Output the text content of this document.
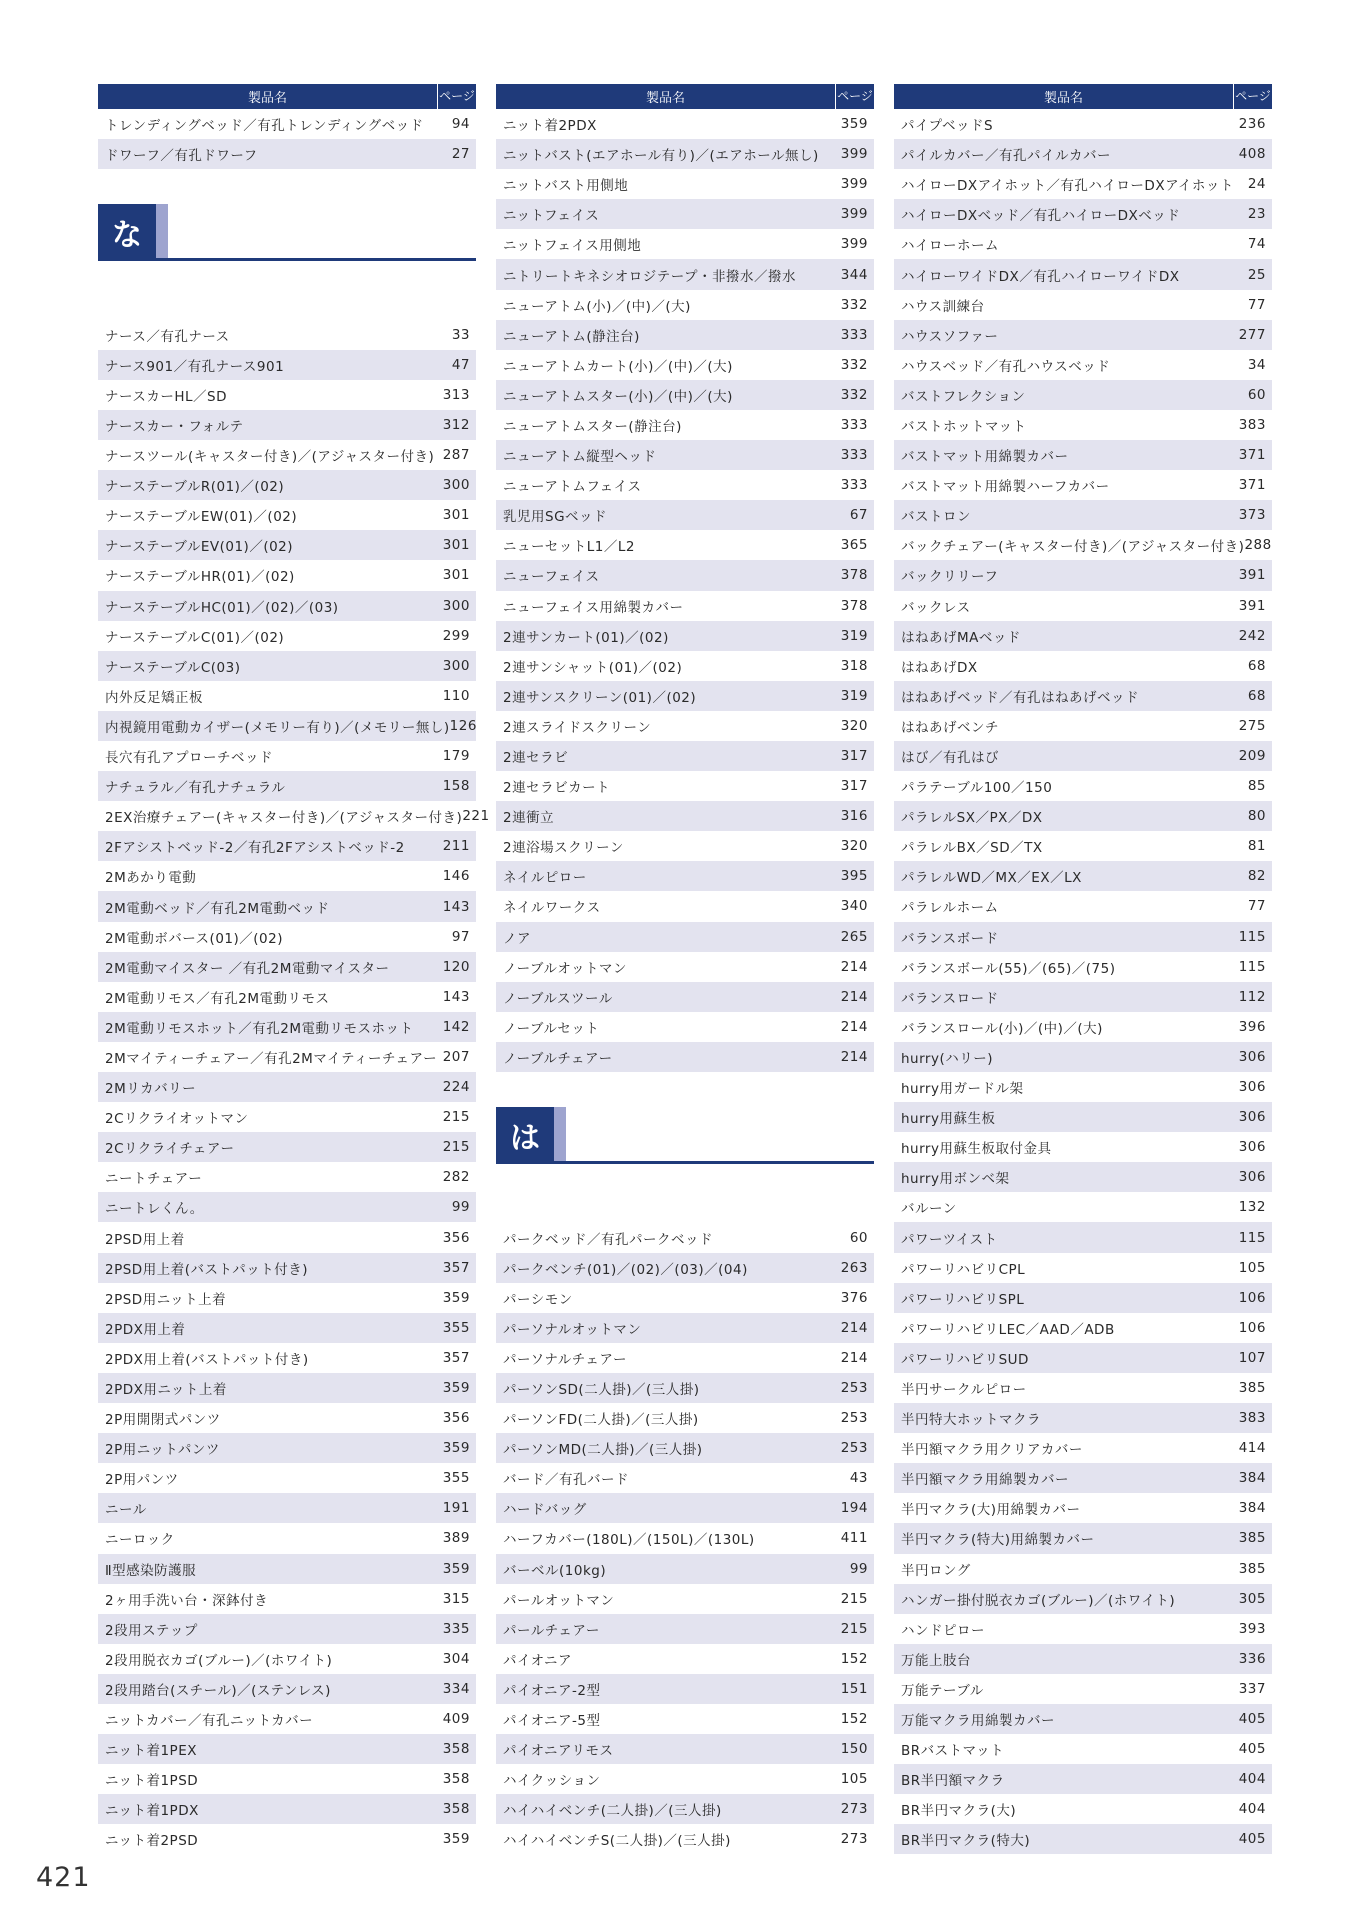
製品名	ページ
トレンディングベッド／有孔トレンディングベッド	94
ドワーフ／有孔ドワーフ	27
な
ナース／有孔ナース	33
ナース901／有孔ナース901	47
ナースカーHL／SD	313
ナースカー・フォルテ	312
ナースツール(キャスター付き)／(アジャスター付き) 287
ナーステーブルR(01)／(02)	300
ナーステーブルEW(01)／(02)	301
ナーステーブルEV(01)／(02)	301
ナーステーブルHR(01)／(02)	301
ナーステーブルHC(01)／(02)／(03)	300
ナーステーブルC(01)／(02)	299
ナーステーブルC(03)	300
内外反足矯正板	110
内視鏡用電動カイザー(メモリー有り)／(メモリー無し) 126
長穴有孔アプローチベッド	179
ナチュラル／有孔ナチュラル	158
2EX治療チェアー(キャスター付き)／(アジャスター付き) 221
2Fアシストベッド-2／有孔2Fアシストベッド-2	211
2Mあかり電動	146
2M電動ベッド／有孔2M電動ベッド	143
2M電動ボバース(01)／(02)	97
2M電動マイスター ／有孔2M電動マイスター	120
2M電動リモス／有孔2M電動リモス	143
2M電動リモスホット／有孔2M電動リモスホット	142
2Mマイティーチェアー／有孔2Mマイティーチェアー 207
2Mリカバリー	224
2Cリクライオットマン	215
2Cリクライチェアー	215
ニートチェアー	282
ニートレくん。	99
2PSD用上着	356
2PSD用上着(バストパット付き)	357
2PSD用ニット上着	359
2PDX用上着	355
2PDX用上着(バストパット付き)	357
2PDX用ニット上着	359
2P用開閉式パンツ	356
2P用ニットパンツ	359
2P用パンツ	355
ニール	191
ニーロック	389
Ⅱ型感染防護服	359
2ヶ用手洗い台・深鉢付き	315
2段用ステップ	335
2段用脱衣カゴ(ブルー)／(ホワイト)	304
2段用踏台(スチール)／(ステンレス)	334
ニットカバー／有孔ニットカバー	409
ニット着1PEX	358
ニット着1PSD	358
ニット着1PDX	358
ニット着2PSD	359
製品名	ページ
ニット着2PDX	359
ニットバスト(エアホール有り)／(エアホール無し)	399
ニットバスト用側地	399
ニットフェイス	399
ニットフェイス用側地	399
ニトリートキネシオロジテープ・非撥水／撥水	344
ニューアトム(小)／(中)／(大)	332
ニューアトム(静注台)	333
ニューアトムカート(小)／(中)／(大)	332
ニューアトムスター(小)／(中)／(大)	332
ニューアトムスター(静注台)	333
ニューアトム縦型ヘッド	333
ニューアトムフェイス	333
乳児用SGベッド	67
ニューセットL1／L2	365
ニューフェイス	378
ニューフェイス用綿製カバー	378
2連サンカート(01)／(02)	319
2連サンシャット(01)／(02)	318
2連サンスクリーン(01)／(02)	319
2連スライドスクリーン	320
2連セラビ	317
2連セラビカート	317
2連衝立	316
2連浴場スクリーン	320
ネイルピロー	395
ネイルワークス	340
ノア	265
ノーブルオットマン	214
ノーブルスツール	214
ノーブルセット	214
ノーブルチェアー	214
は
パークベッド／有孔パークベッド	60
パークベンチ(01)／(02)／(03)／(04)	263
パーシモン	376
パーソナルオットマン	214
パーソナルチェアー	214
パーソンSD(二人掛)／(三人掛)	253
パーソンFD(二人掛)／(三人掛)	253
パーソンMD(二人掛)／(三人掛)	253
バード／有孔バード	43
ハードバッグ	194
ハーフカバー(180L)／(150L)／(130L)	411
バーベル(10kg)	99
パールオットマン	215
パールチェアー	215
パイオニア	152
パイオニア-2型	151
パイオニア-5型	152
パイオニアリモス	150
ハイクッション	105
ハイハイベンチ(二人掛)／(三人掛)	273
ハイハイベンチS(二人掛)／(三人掛)	273
製品名	ページ
パイプベッドS	236
パイルカバー／有孔パイルカバー	408
ハイローDXアイホット／有孔ハイローDXアイホット	24
ハイローDXベッド／有孔ハイローDXベッド	23
ハイローホーム	74
ハイローワイドDX／有孔ハイローワイドDX	25
ハウス訓練台	77
ハウスソファー	277
ハウスベッド／有孔ハウスベッド	34
バストフレクション	60
バストホットマット	383
バストマット用綿製カバー	371
バストマット用綿製ハーフカバー	371
バストロン	373
バックチェアー(キャスター付き)／(アジャスター付き) 288
バックリリーフ	391
バックレス	391
はねあげMAベッド	242
はねあげDX	68
はねあげベッド／有孔はねあげベッド	68
はねあげベンチ	275
はび／有孔はび	209
パラテーブル100／150	85
パラレルSX／PX／DX	80
パラレルBX／SD／TX	81
パラレルWD／MX／EX／LX	82
パラレルホーム	77
バランスボード	115
バランスボール(55)／(65)／(75)	115
バランスロード	112
バランスロール(小)／(中)／(大)	396
hurry(ハリー)	306
hurry用ガードル架	306
hurry用蘇生板	306
hurry用蘇生板取付金具	306
hurry用ボンベ架	306
バルーン	132
パワーツイスト	115
パワーリハビリCPL	105
パワーリハビリSPL	106
パワーリハビリLEC／AAD／ADB	106
パワーリハビリSUD	107
半円サークルピロー	385
半円特大ホットマクラ	383
半円額マクラ用クリアカバー	414
半円額マクラ用綿製カバー	384
半円マクラ(大)用綿製カバー	384
半円マクラ(特大)用綿製カバー	385
半円ロング	385
ハンガー掛付脱衣カゴ(ブルー)／(ホワイト)	305
ハンドピロー	393
万能上肢台	336
万能テーブル	337
万能マクラ用綿製カバー	405
BRバストマット	405
BR半円額マクラ	404
BR半円マクラ(大)	404
BR半円マクラ(特大)	405
421
